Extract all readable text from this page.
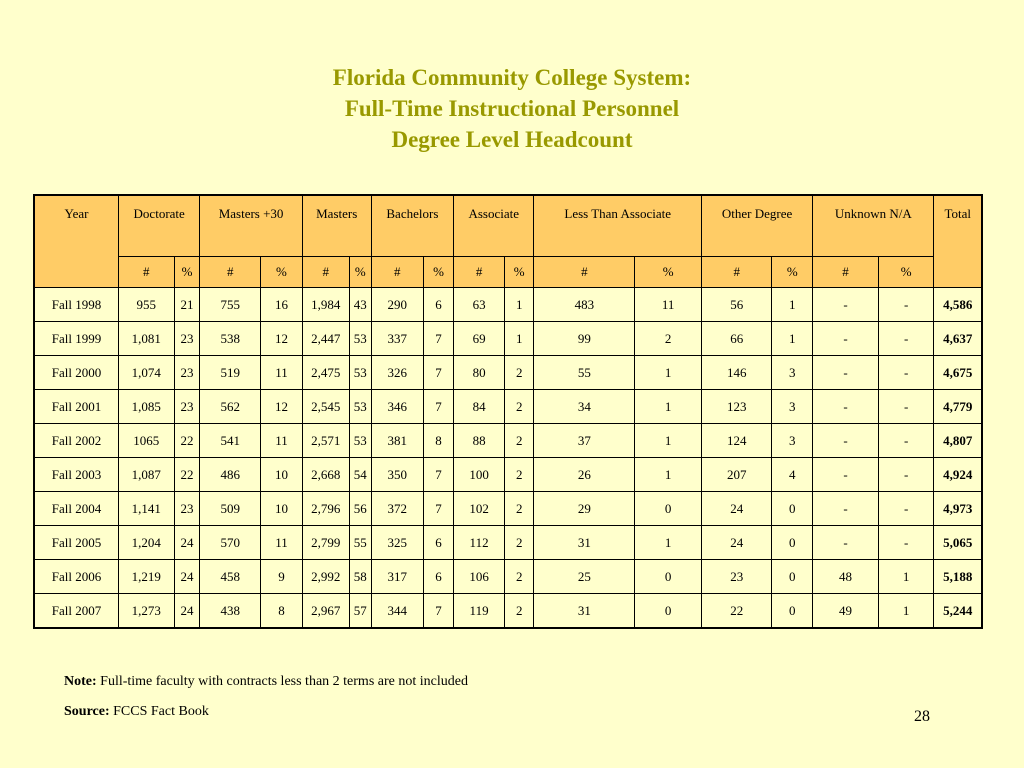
Florida Community College System:
Full-Time Instructional Personnel
Degree Level Headcount
Year	Doctorate		Masters +30		Masters		Bachelors		Associate		Less Than Associate		Other Degree		Unknown N/A		Total
	#	%	#	%	#	%	#	%	#	%	#	%	#	%	#	%	
Fall 1998	955	21	755	16	1,984	43	290	6	63	1	483	11	56	1	-	-	4,586
Fall 1999	1,081	23	538	12	2,447	53	337	7	69	1	99	2	66	1	-	-	4,637
Fall 2000	1,074	23	519	11	2,475	53	326	7	80	2	55	1	146	3	-	-	4,675
Fall 2001	1,085	23	562	12	2,545	53	346	7	84	2	34	1	123	3	-	-	4,779
Fall 2002	1065	22	541	11	2,571	53	381	8	88	2	37	1	124	3	-	-	4,807
Fall 2003	1,087	22	486	10	2,668	54	350	7	100	2	26	1	207	4	-	-	4,924
Fall 2004	1,141	23	509	10	2,796	56	372	7	102	2	29	0	24	0	-	-	4,973
Fall 2005	1,204	24	570	11	2,799	55	325	6	112	2	31	1	24	0	-	-	5,065
Fall 2006	1,219	24	458	9	2,992	58	317	6	106	2	25	0	23	0	48	1	5,188
Fall 2007	1,273	24	438	8	2,967	57	344	7	119	2	31	0	22	0	49	1	5,244
Note: Full-time faculty with contracts less than 2 terms are not included
Source: FCCS Fact Book	28
